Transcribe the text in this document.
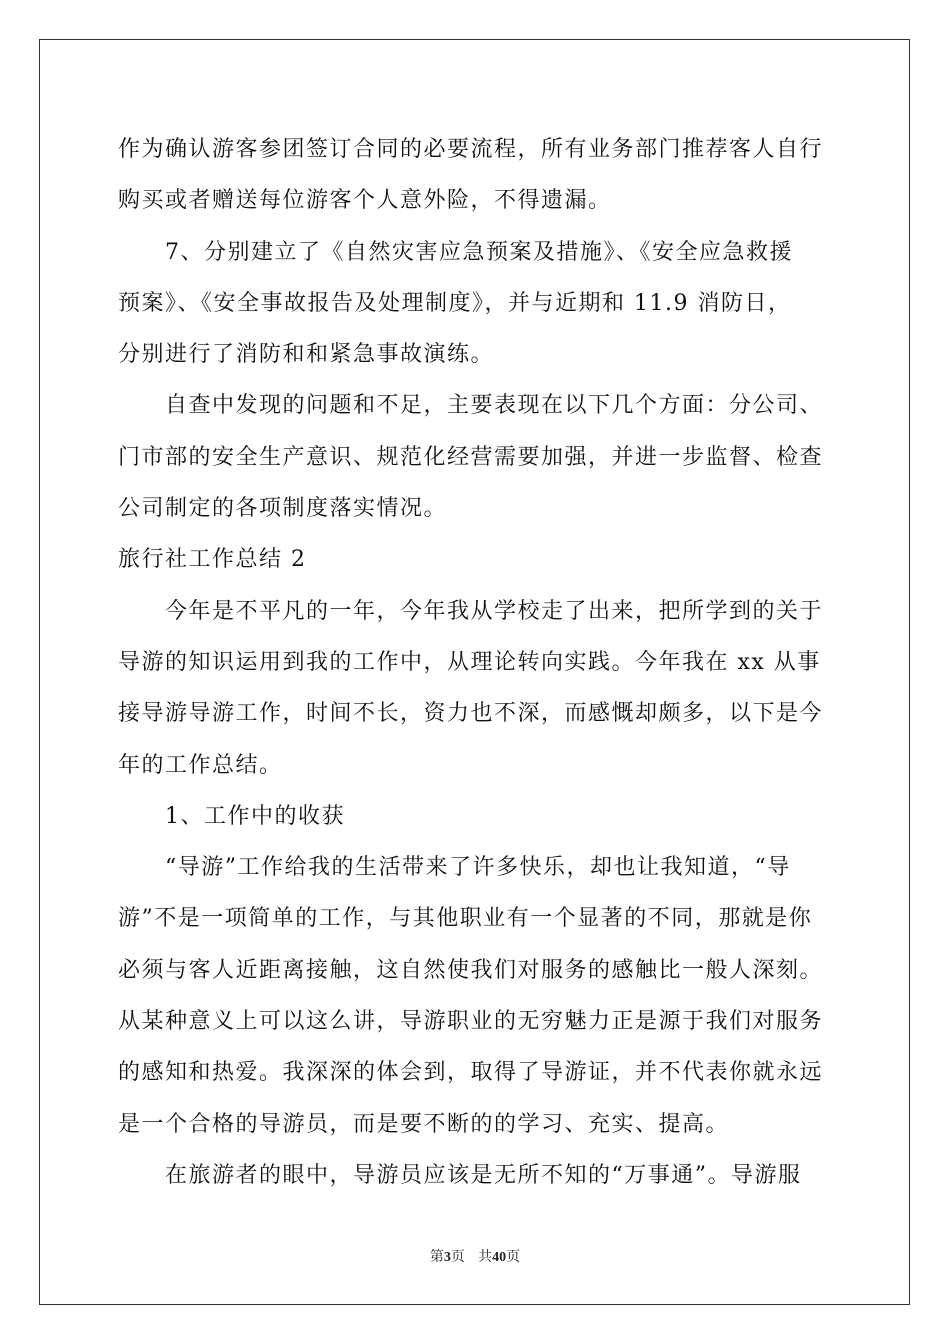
作为确认游客参团签订合同的必要流程，所有业务部门推荐客人自行
购买或者赠送每位游客个人意外险，不得遗漏。
7、分别建立了《自然灾害应急预案及措施》、《安全应急救援
预案》、《安全事故报告及处理制度》，并与近期和 11.9 消防日，
分别进行了消防和和紧急事故演练。
自查中发现的问题和不足，主要表现在以下几个方面：分公司、
门市部的安全生产意识、规范化经营需要加强，并进一步监督、检查
公司制定的各项制度落实情况。
旅行社工作总结 2
今年是不平凡的一年，今年我从学校走了出来，把所学到的关于
导游的知识运用到我的工作中，从理论转向实践。今年我在 xx 从事
接导游导游工作，时间不长，资力也不深，而感慨却颇多，以下是今
年的工作总结。
1、工作中的收获
“导游”工作给我的生活带来了许多快乐，却也让我知道，“导
游”不是一项简单的工作，与其他职业有一个显著的不同，那就是你
必须与客人近距离接触，这自然使我们对服务的感触比一般人深刻。
从某种意义上可以这么讲，导游职业的无穷魅力正是源于我们对服务
的感知和热爱。我深深的体会到，取得了导游证，并不代表你就永远
是一个合格的导游员，而是要不断的的学习、充实、提高。
在旅游者的眼中，导游员应该是无所不知的“万事通”。导游服
第3页 共40页
